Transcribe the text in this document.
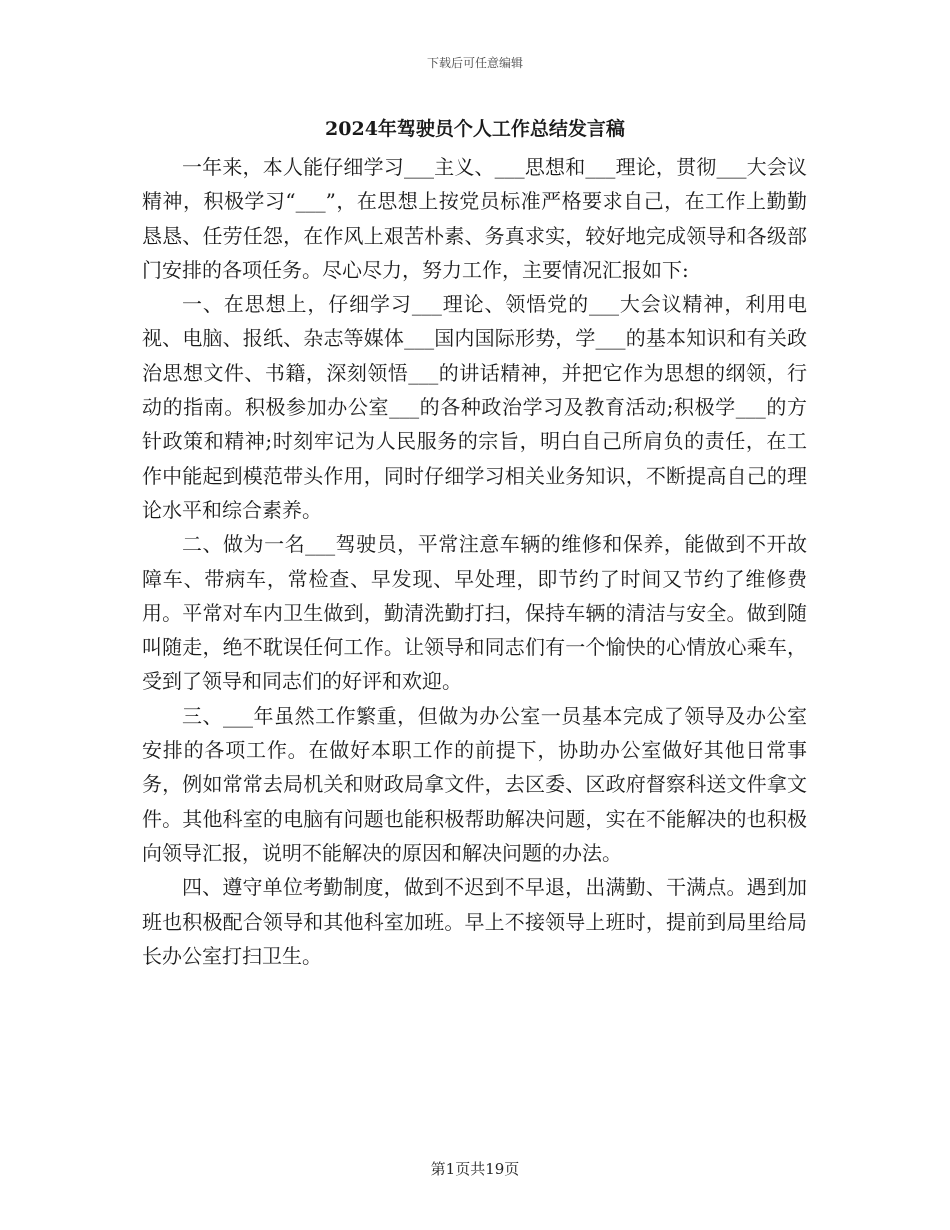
下载后可任意编辑
2024年驾驶员个人工作总结发言稿

一年来，本人能仔细学习___主义、___思想和___理论，贯彻___大会议精神，积极学习“___”，在思想上按党员标准严格要求自己，在工作上勤勤恳恳、任劳任怨，在作风上艰苦朴素、务真求实，较好地完成领导和各级部门安排的各项任务。尽心尽力，努力工作，主要情况汇报如下:

一、在思想上，仔细学习___理论、领悟党的___大会议精神，利用电视、电脑、报纸、杂志等媒体___国内国际形势，学___的基本知识和有关政治思想文件、书籍，深刻领悟___的讲话精神，并把它作为思想的纲领，行动的指南。积极参加办公室___的各种政治学习及教育活动;积极学___的方针政策和精神;时刻牢记为人民服务的宗旨，明白自己所肩负的责任，在工作中能起到模范带头作用，同时仔细学习相关业务知识，不断提高自己的理论水平和综合素养。

二、做为一名___驾驶员，平常注意车辆的维修和保养，能做到不开故障车、带病车，常检查、早发现、早处理，即节约了时间又节约了维修费用。平常对车内卫生做到，勤清洗勤打扫，保持车辆的清洁与安全。做到随叫随走，绝不耽误任何工作。让领导和同志们有一个愉快的心情放心乘车，受到了领导和同志们的好评和欢迎。

三、___年虽然工作繁重，但做为办公室一员基本完成了领导及办公室安排的各项工作。在做好本职工作的前提下，协助办公室做好其他日常事务，例如常常去局机关和财政局拿文件，去区委、区政府督察科送文件拿文件。其他科室的电脑有问题也能积极帮助解决问题，实在不能解决的也积极向领导汇报，说明不能解决的原因和解决问题的办法。

四、遵守单位考勤制度，做到不迟到不早退，出满勤、干满点。遇到加班也积极配合领导和其他科室加班。早上不接领导上班时，提前到局里给局长办公室打扫卫生。

第1页共19页
